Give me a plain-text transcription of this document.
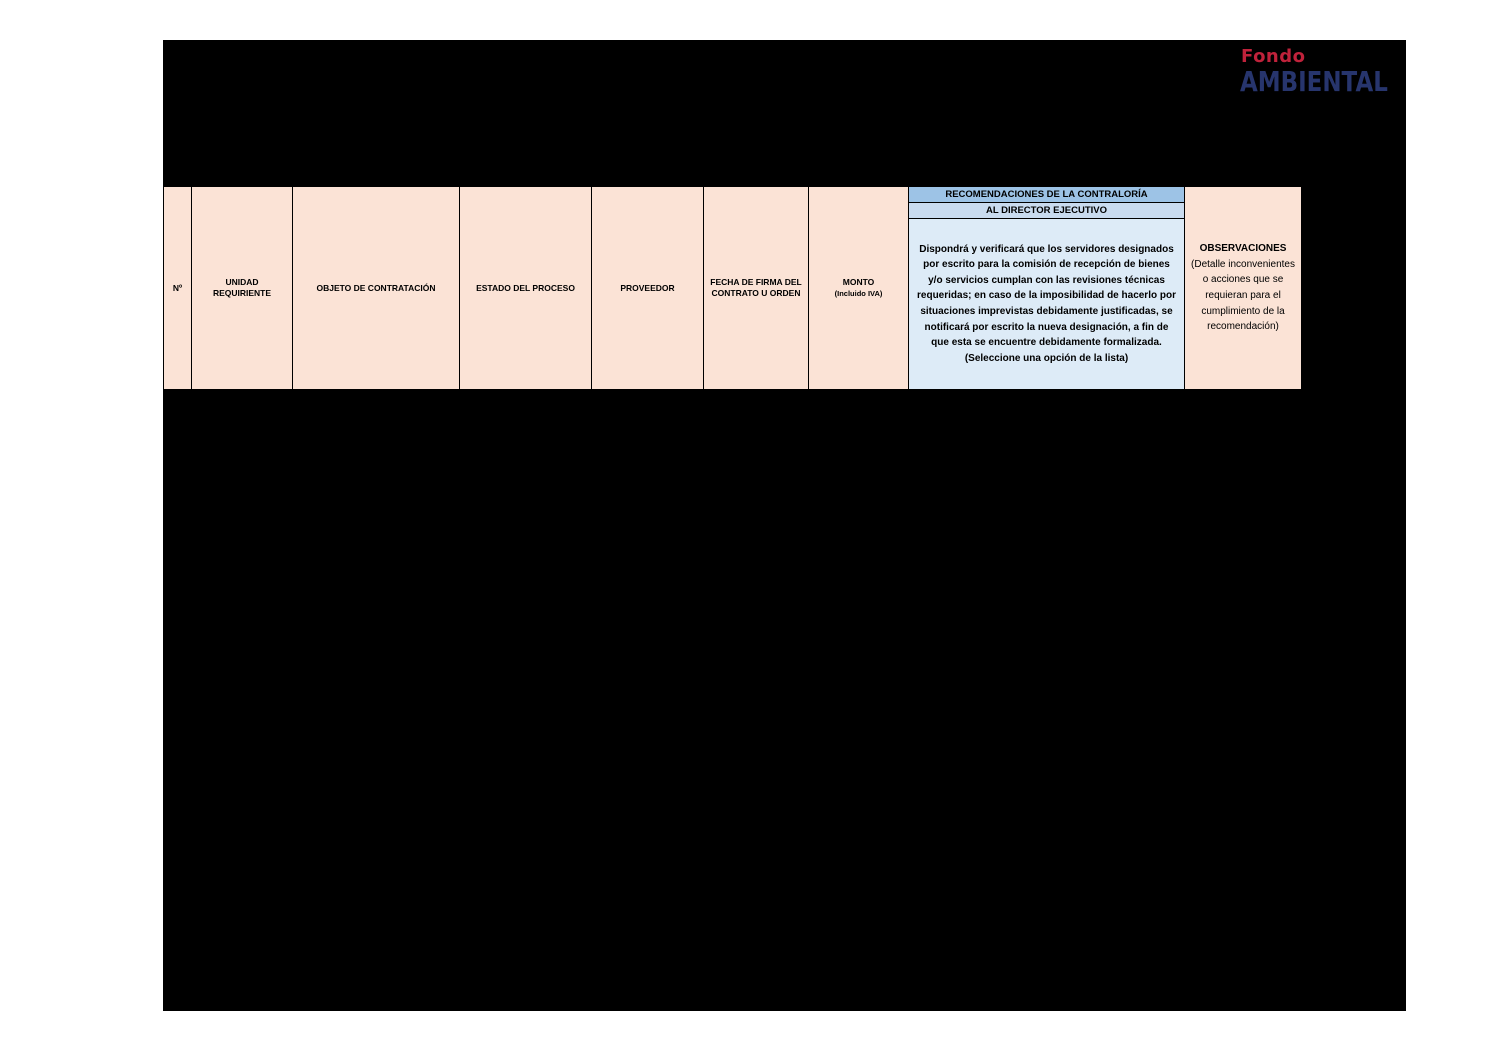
Fondo
AMBIENTAL
Nº
UNIDAD REQUIRIENTE
OBJETO DE CONTRATACIÓN	ESTADO DEL PROCESO	PROVEEDOR
FECHA DE FIRMA DEL CONTRATO U ORDEN
MONTO
(Incluido IVA)
RECOMENDACIONES DE LA CONTRALORÍA
AL DIRECTOR EJECUTIVO
Dispondrá y verificará que los servidores designados por escrito para la comisión de recepción de bienes y/o servicios cumplan con las revisiones técnicas requeridas; en caso de la imposibilidad de hacerlo por situaciones imprevistas debidamente justificadas, se notificará por escrito la nueva designación, a fin de que esta se encuentre debidamente formalizada.
(Seleccione una opción de la lista)
OBSERVACIONES
(Detalle inconvenientes o acciones que se requieran para el cumplimiento de la recomendación)
